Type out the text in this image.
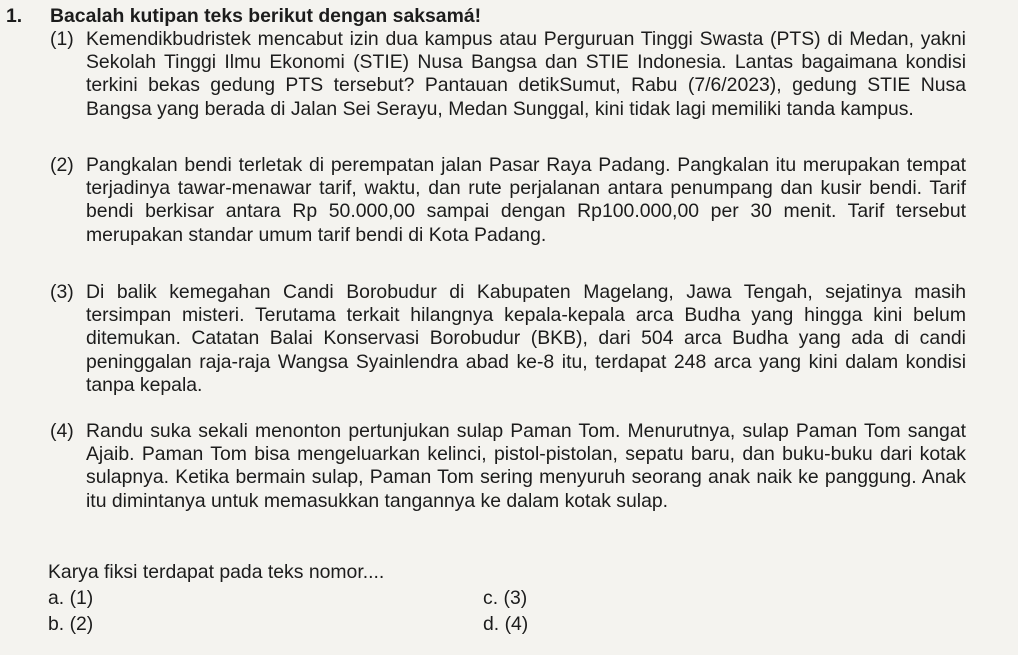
1. Bacalah kutipan teks berikut dengan saksamá!
(1) Kemendikbudristek mencabut izin dua kampus atau Perguruan Tinggi Swasta (PTS) di Medan, yakni Sekolah Tinggi Ilmu Ekonomi (STIE) Nusa Bangsa dan STIE Indonesia. Lantas bagaimana kondisi terkini bekas gedung PTS tersebut? Pantauan detikSumut, Rabu (7/6/2023), gedung STIE Nusa Bangsa yang berada di Jalan Sei Serayu, Medan Sunggal, kini tidak lagi memiliki tanda kampus.
(2) Pangkalan bendi terletak di perempatan jalan Pasar Raya Padang. Pangkalan itu merupakan tempat terjadinya tawar-menawar tarif, waktu, dan rute perjalanan antara penumpang dan kusir bendi. Tarif bendi berkisar antara Rp 50.000,00 sampai dengan Rp100.000,00 per 30 menit. Tarif tersebut merupakan standar umum tarif bendi di Kota Padang.
(3) Di balik kemegahan Candi Borobudur di Kabupaten Magelang, Jawa Tengah, sejatinya masih tersimpan misteri. Terutama terkait hilangnya kepala-kepala arca Budha yang hingga kini belum ditemukan. Catatan Balai Konservasi Borobudur (BKB), dari 504 arca Budha yang ada di candi peninggalan raja-raja Wangsa Syainlendra abad ke-8 itu, terdapat 248 arca yang kini dalam kondisi tanpa kepala.
(4) Randu suka sekali menonton pertunjukan sulap Paman Tom. Menurutnya, sulap Paman Tom sangat Ajaib. Paman Tom bisa mengeluarkan kelinci, pistol-pistolan, sepatu baru, dan buku-buku dari kotak sulapnya. Ketika bermain sulap, Paman Tom sering menyuruh seorang anak naik ke panggung. Anak itu dimintanya untuk memasukkan tangannya ke dalam kotak sulap.
Karya fiksi terdapat pada teks nomor....
a. (1)
b. (2)
c. (3)
d. (4)
